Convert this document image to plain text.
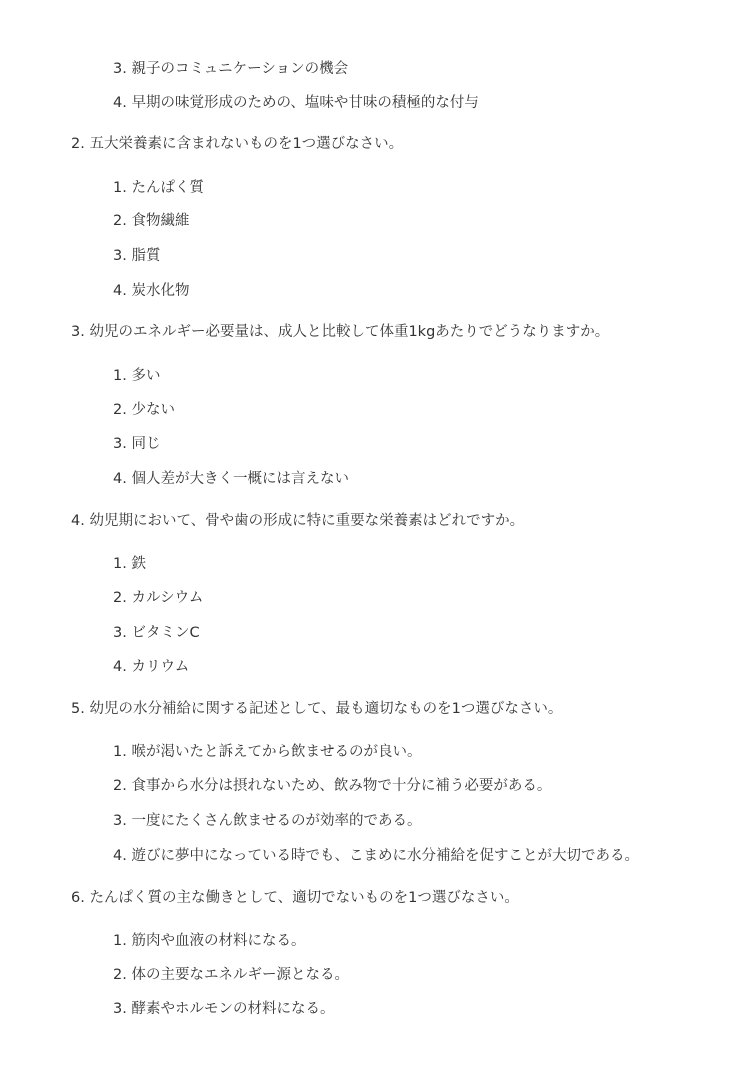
3. 親子のコミュニケーションの機会
4. 早期の味覚形成のための、塩味や甘味の積極的な付与
2. 五大栄養素に含まれないものを1つ選びなさい。
1. たんぱく質
2. 食物繊維
3. 脂質
4. 炭水化物
3. 幼児のエネルギー必要量は、成人と比較して体重1kgあたりでどうなりますか。
1. 多い
2. 少ない
3. 同じ
4. 個人差が大きく一概には言えない
4. 幼児期において、骨や歯の形成に特に重要な栄養素はどれですか。
1. 鉄
2. カルシウム
3. ビタミンC
4. カリウム
5. 幼児の水分補給に関する記述として、最も適切なものを1つ選びなさい。
1. 喉が渇いたと訴えてから飲ませるのが良い。
2. 食事から水分は摂れないため、飲み物で十分に補う必要がある。
3. 一度にたくさん飲ませるのが効率的である。
4. 遊びに夢中になっている時でも、こまめに水分補給を促すことが大切である。
6. たんぱく質の主な働きとして、適切でないものを1つ選びなさい。
1. 筋肉や血液の材料になる。
2. 体の主要なエネルギー源となる。
3. 酵素やホルモンの材料になる。
